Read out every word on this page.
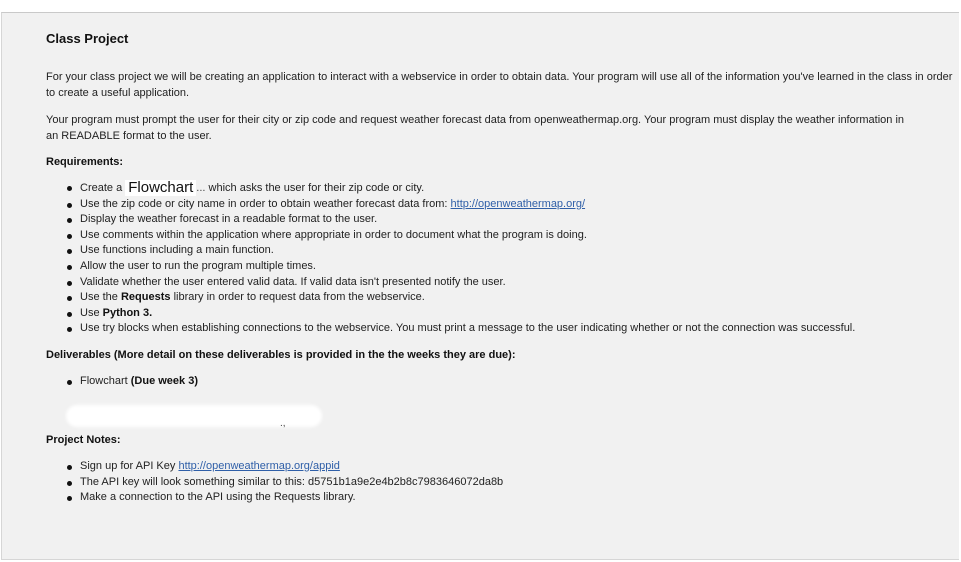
Class Project
For your class project we will be creating an application to interact with a webservice in order to obtain data. Your program will use all of the information you've learned in the class in order to create a useful application.
Your program must prompt the user for their city or zip code and request weather forecast data from openweathermap.org. Your program must display the weather information in an READABLE format to the user.
Requirements:
Create a Flowchart ... which asks the user for their zip code or city.
Use the zip code or city name in order to obtain weather forecast data from: http://openweathermap.org/
Display the weather forecast in a readable format to the user.
Use comments within the application where appropriate in order to document what the program is doing.
Use functions including a main function.
Allow the user to run the program multiple times.
Validate whether the user entered valid data. If valid data isn't presented notify the user.
Use the Requests library in order to request data from the webservice.
Use Python 3.
Use try blocks when establishing connections to the webservice. You must print a message to the user indicating whether or not the connection was successful.
Deliverables (More detail on these deliverables is provided in the the weeks they are due):
Flowchart (Due week 3)
.,
Project Notes:
Sign up for API Key http://openweathermap.org/appid
The API key will look something similar to this: d5751b1a9e2e4b2b8c7983646072da8b
Make a connection to the API using the Requests library.
